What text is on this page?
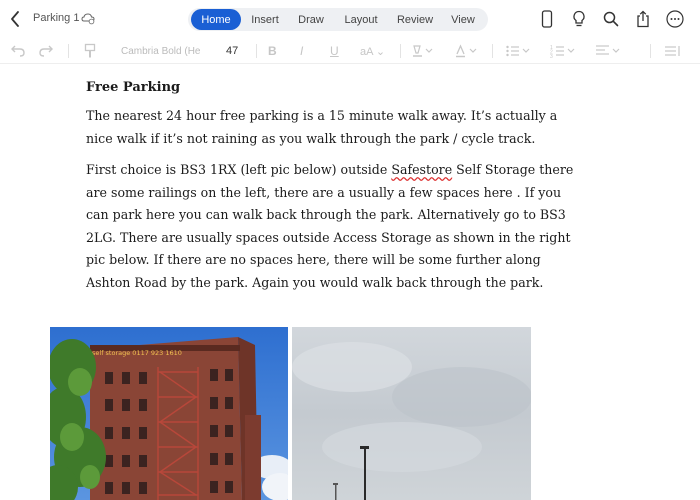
Parking 1	Home	Insert	Draw	Layout	Review	View
Cambria Bold (He	47	B I U aA ⌄	1
2
3
Free Parking

The nearest 24 hour free parking is a 15 minute walk away. It’s actually a nice walk if it’s not raining as you walk through the park / cycle track.

First choice is BS3 1RX (left pic below) outside Safestore Self Storage there are some railings on the left, there are a usually a few spaces here . If you can park here you can walk back through the park. Alternatively go to BS3 2LG. There are usually spaces outside Access Storage as shown in the right pic below. If there are no spaces here, there will be some further along Ashton Road by the park. Again you would walk back through the park.

self storage 0117 923 1610
